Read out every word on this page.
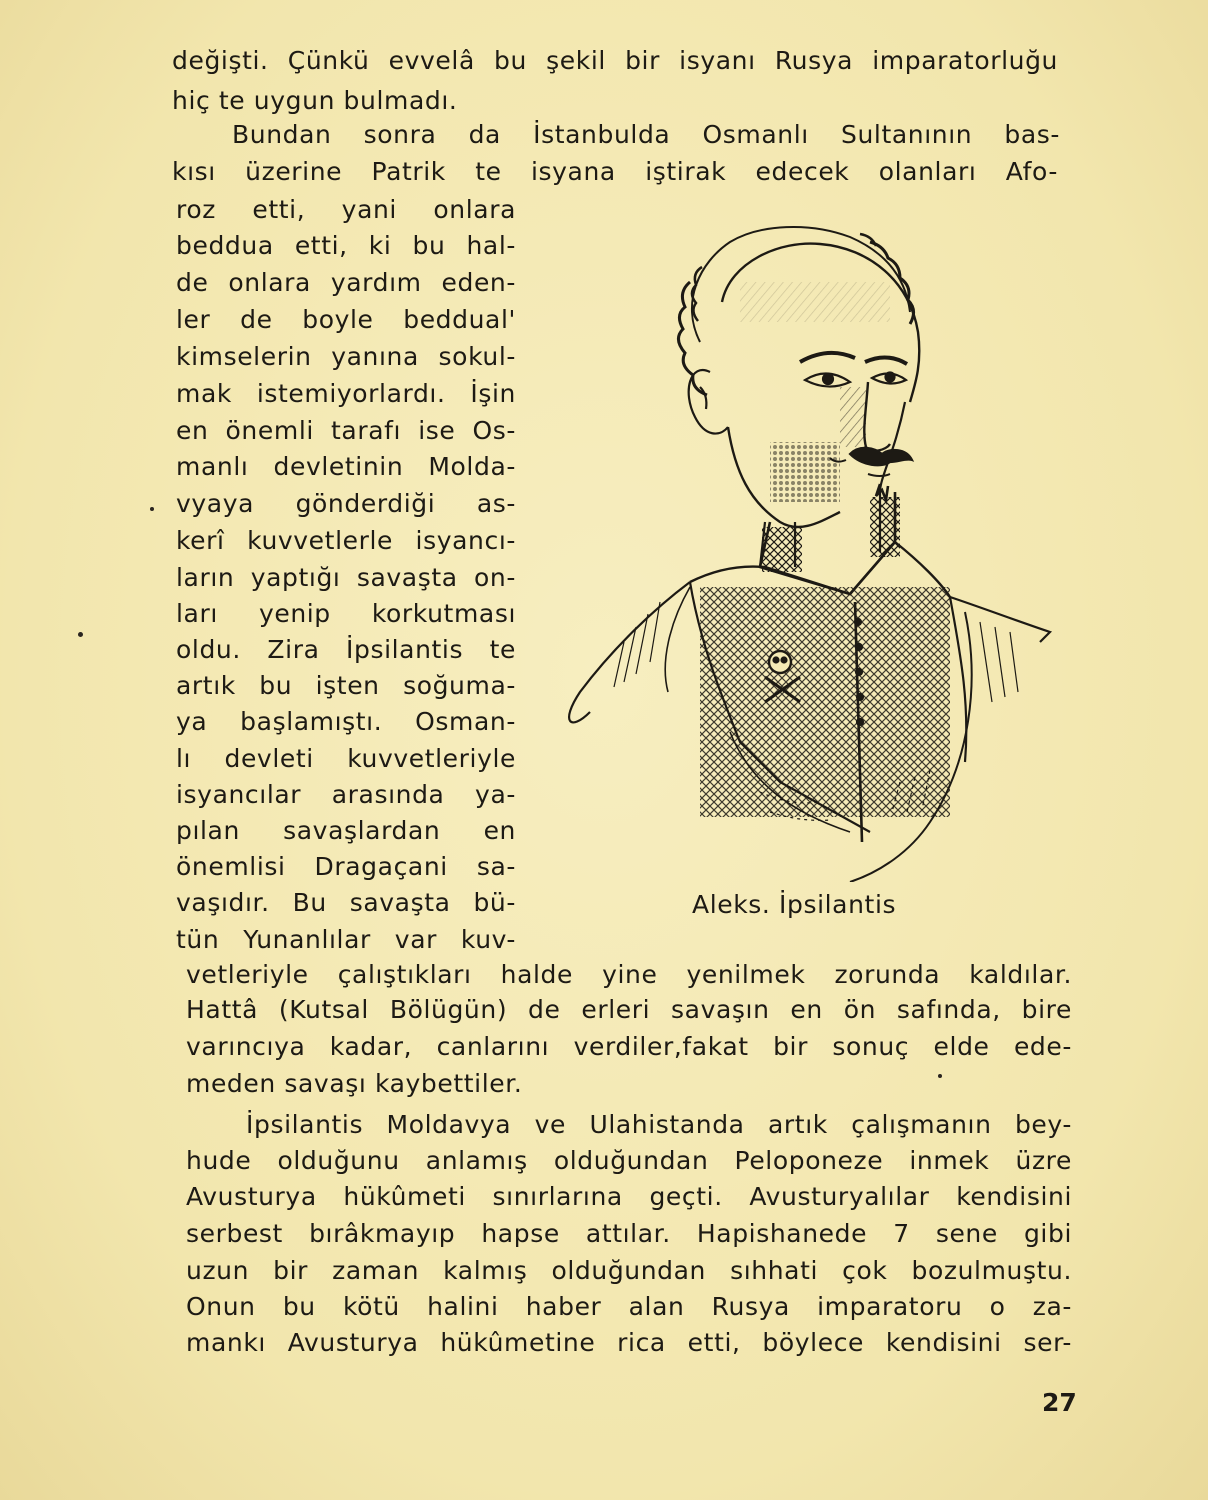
değişti. Çünkü evvelâ bu şekil bir isyanı Rusya imparatorluğu
hiç te uygun bulmadı.
Bundan sonra da İstanbulda Osmanlı Sultanının bas-
kısı üzerine Patrik te isyana iştirak edecek olanları Afo-
roz etti, yani onlara
beddua etti, ki bu hal-
de onlara yardım eden-
ler de boyle beddual'
kimselerin yanına sokul-
mak istemiyorlardı. İşin
en önemli tarafı ise Os-
manlı devletinin Molda-
vyaya gönderdiği as-
kerî kuvvetlerle isyancı-
ların yaptığı savaşta on-
ları yenip korkutması
oldu. Zira İpsilantis te
artık bu işten soğuma-
ya başlamıştı. Osman-
lı devleti kuvvetleriyle
isyancılar arasında ya-
pılan savaşlardan en
önemlisi Dragaçani sa-
vaşıdır. Bu savaşta bü-
tün Yunanlılar var kuv-
Aleks. İpsilantis
vetleriyle çalıştıkları halde yine yenilmek zorunda kaldılar.
Hattâ (Kutsal Bölügün) de erleri savaşın en ön safında, bire
varıncıya kadar, canlarını verdiler,fakat bir sonuç elde ede-
meden savaşı kaybettiler.
İpsilantis Moldavya ve Ulahistanda artık çalışmanın bey-
hude olduğunu anlamış olduğundan Peloponeze inmek üzre
Avusturya hükûmeti sınırlarına geçti. Avusturyalılar kendisini
serbest bırâkmayıp hapse attılar. Hapishanede 7 sene gibi
uzun bir zaman kalmış olduğundan sıhhati çok bozulmuştu.
Onun bu kötü halini haber alan Rusya imparatoru o za-
mankı Avusturya hükûmetine rica etti, böylece kendisini ser-
27
